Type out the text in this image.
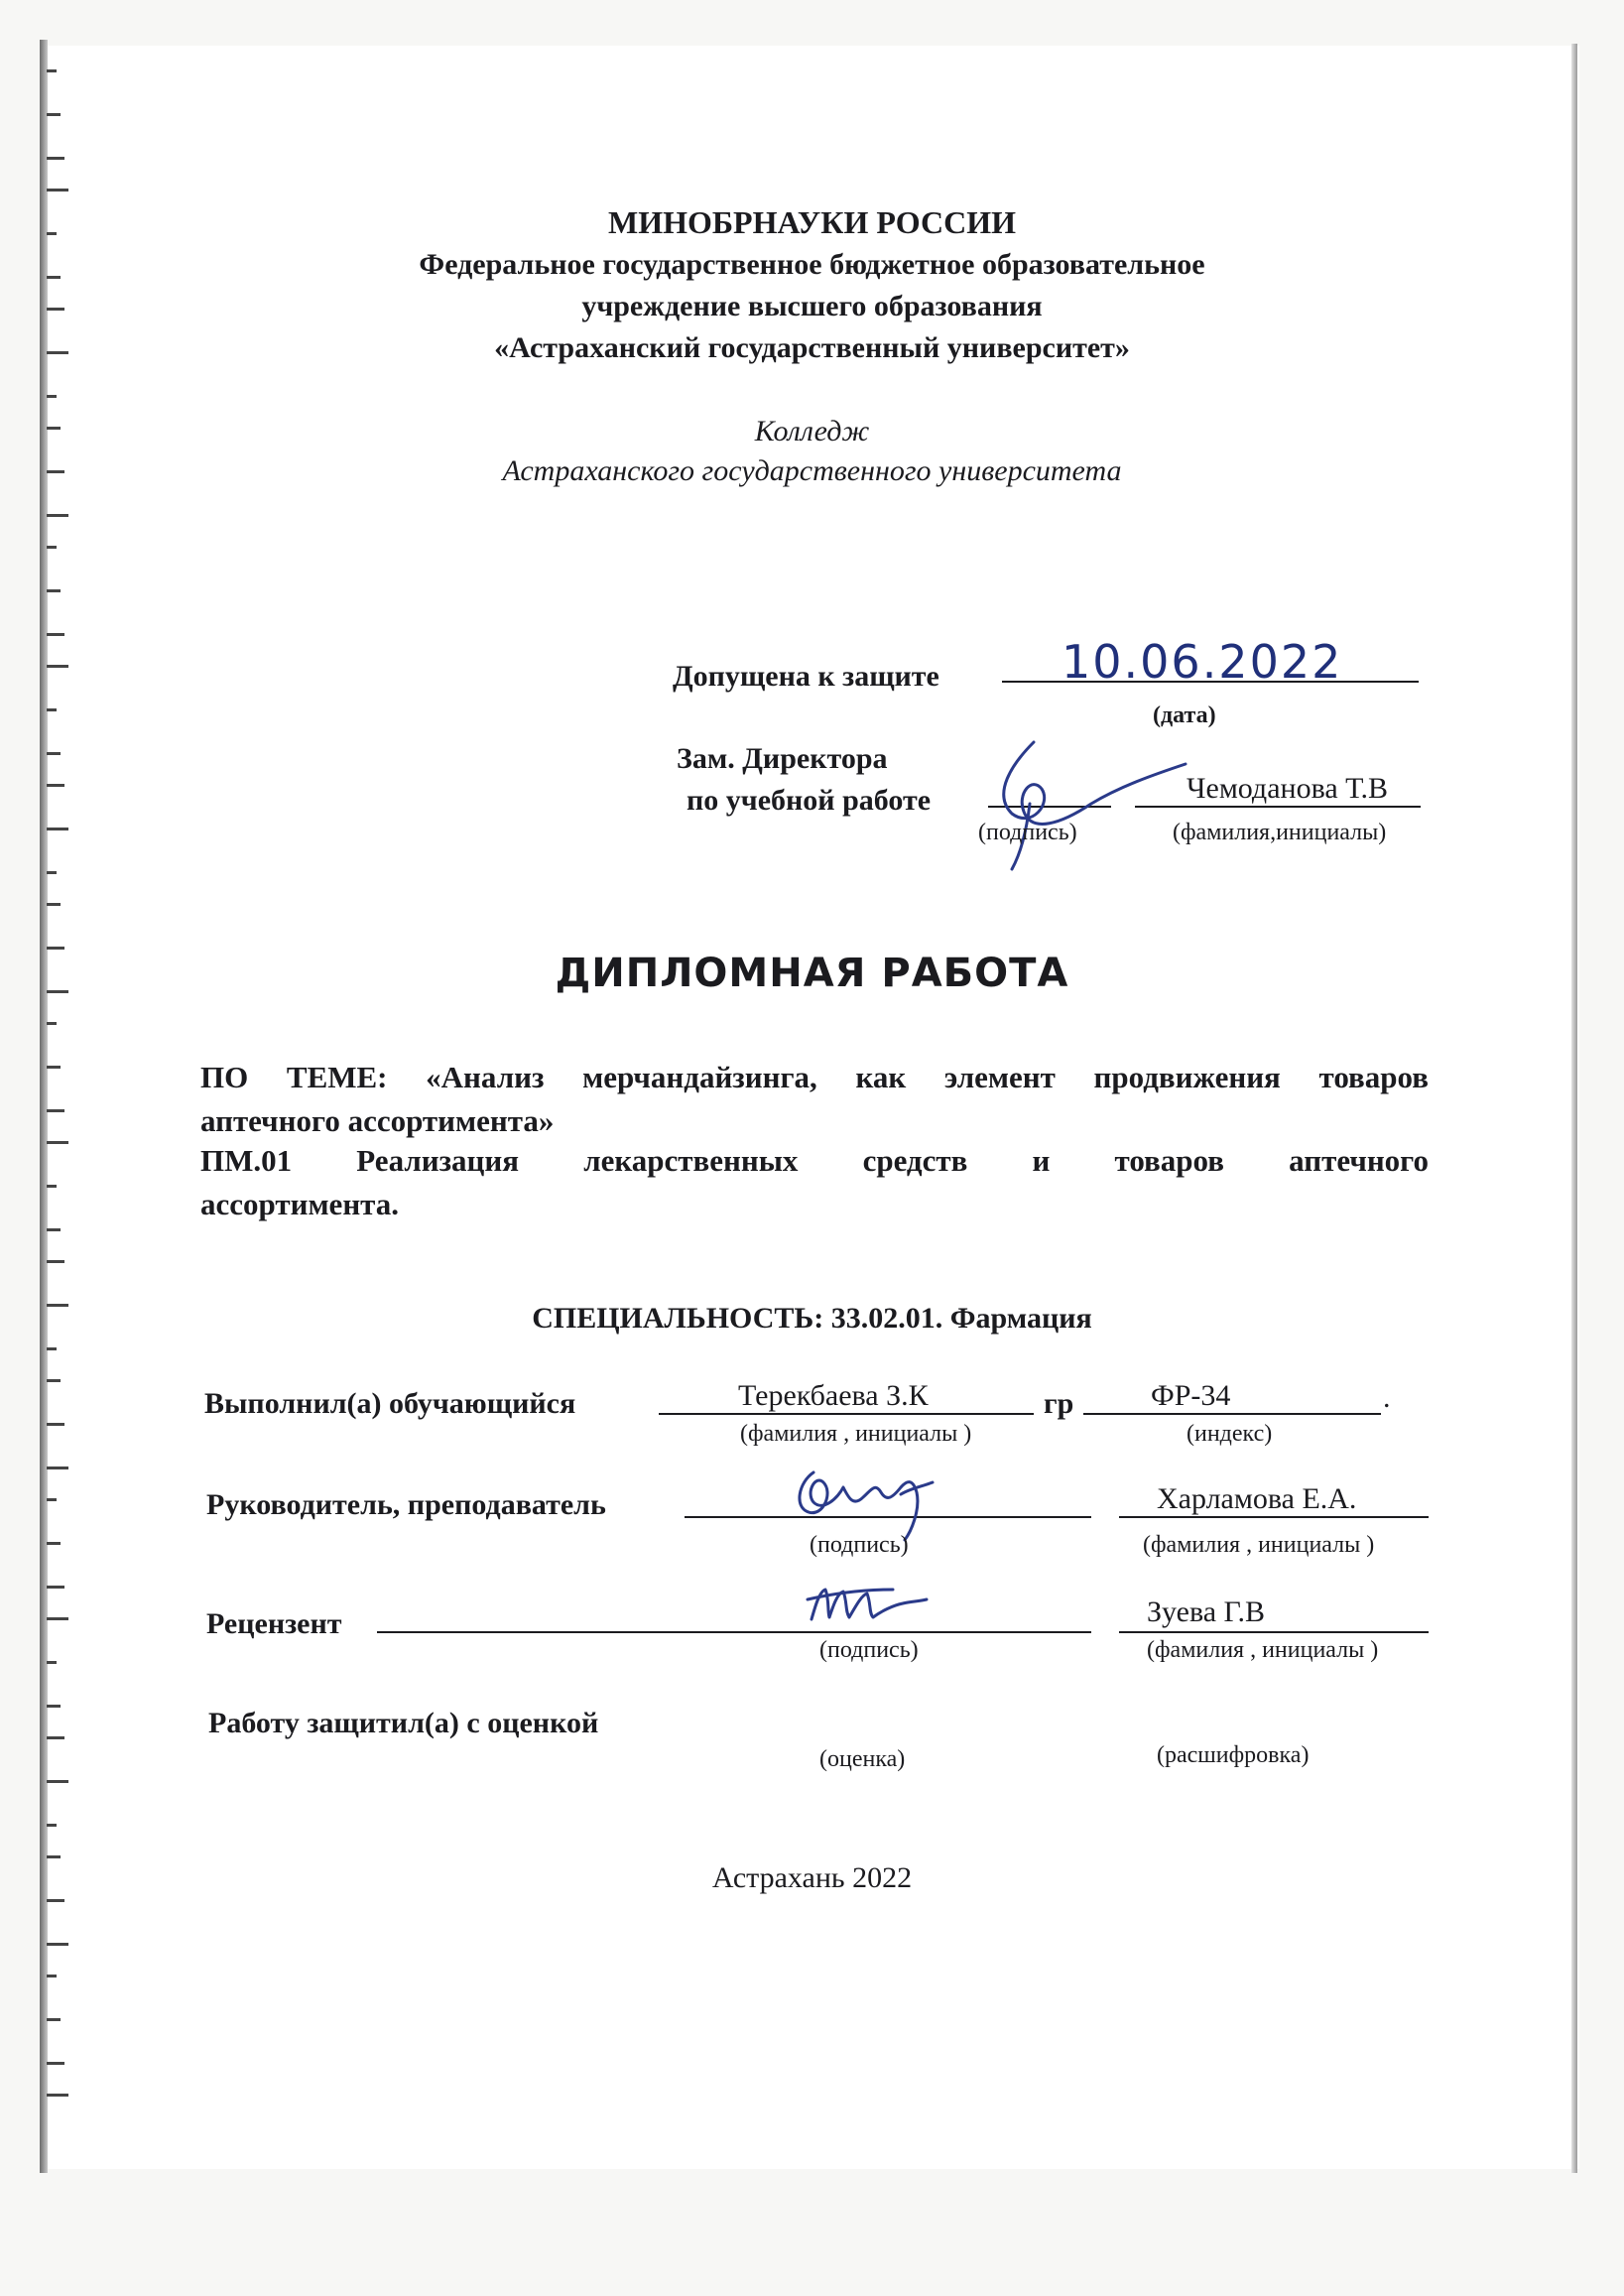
МИНОБРНАУКИ РОССИИ
Федеральное государственное бюджетное образовательное
учреждение высшего образования
«Астраханский государственный университет»
Колледж
Астраханского государственного университета
Допущена к защите	10.06.2022
(дата)
Зам. Директора
по учебной работе	Чемоданова Т.В
(подпись)	(фамилия,инициалы)
ДИПЛОМНАЯ РАБОТА
ПО ТЕМЕ: «Анализ мерчандайзинга, как элемент продвижения товаров
аптечного ассортимента»
ПМ.01 Реализация лекарственных средств и товаров аптечного
ассортимента.
СПЕЦИАЛЬНОСТЬ: 33.02.01. Фармация
Выполнил(а) обучающийся	Терекбаева З.К	гр	ФР-34	.
(фамилия , инициалы )	(индекс)
Руководитель, преподаватель	Харламова Е.А.
(подпись)	(фамилия , инициалы )
Рецензент	Зуева Г.В
(подпись)	(фамилия , инициалы )
Работу защитил(а) с оценкой
(оценка)	(расшифровка)
Астрахань 2022
